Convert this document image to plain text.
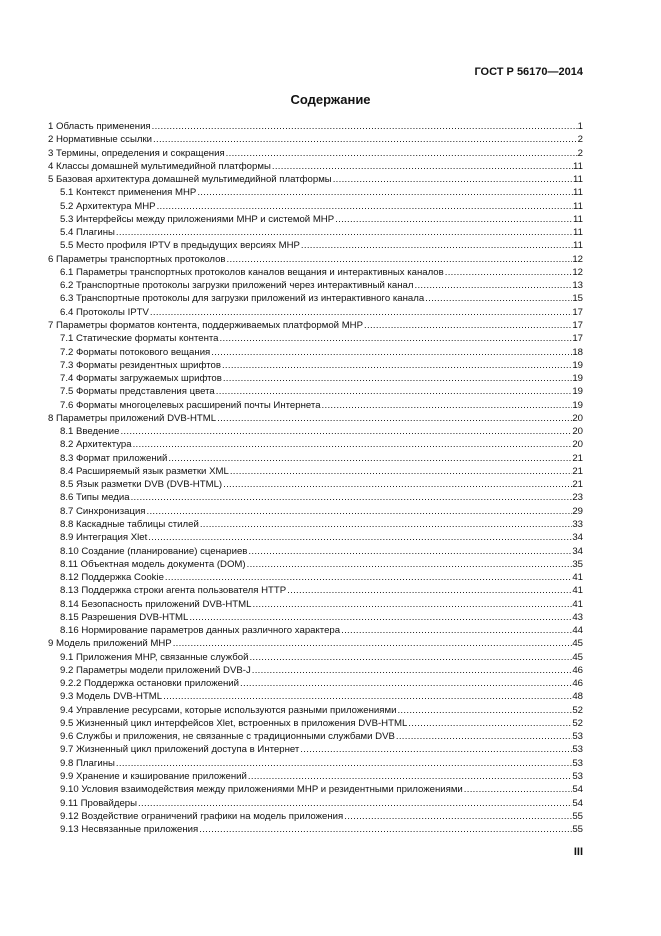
ГОСТ Р 56170—2014
Содержание
1 Область применения .....	1
2 Нормативные ссылки .....	2
3 Термины, определения и сокращения .....	2
4 Классы домашней мультимедийной платформы .....	11
5 Базовая архитектура домашней мультимедийной платформы .....	11
5.1 Контекст применения MHP .....	11
5.2 Архитектура MHP .....	11
5.3 Интерфейсы между приложениями MHP и системой MHP .....	11
5.4 Плагины .....	11
5.5 Место профиля IPTV в предыдущих версиях MHP .....	11
6 Параметры транспортных протоколов .....	12
6.1 Параметры транспортных протоколов каналов вещания и интерактивных каналов .....	12
6.2 Транспортные протоколы загрузки приложений через интерактивный канал .....	13
6.3 Транспортные протоколы для загрузки приложений из интерактивного канала .....	15
6.4 Протоколы IPTV .....	17
7 Параметры форматов контента, поддерживаемых платформой MHP .....	17
7.1 Статические форматы контента .....	17
7.2 Форматы потокового вещания .....	18
7.3 Форматы резидентных шрифтов .....	19
7.4 Форматы загружаемых шрифтов .....	19
7.5 Форматы представления цвета .....	19
7.6 Форматы многоцелевых расширений почты Интернета .....	19
8 Параметры приложений DVB-HTML .....	20
8.1 Введение .....	20
8.2 Архитектура .....	20
8.3 Формат приложений .....	21
8.4 Расширяемый язык разметки XML .....	21
8.5 Язык разметки DVB (DVB-HTML) .....	21
8.6 Типы медиа .....	23
8.7 Синхронизация .....	29
8.8 Каскадные таблицы стилей .....	33
8.9 Интеграция Xlet .....	34
8.10 Создание (планирование) сценариев .....	34
8.11 Объектная модель документа (DOM) .....	35
8.12 Поддержка Cookie .....	41
8.13 Поддержка строки агента пользователя HTTP .....	41
8.14 Безопасность приложений DVB-HTML .....	41
8.15 Разрешения DVB-HTML .....	43
8.16 Нормирование параметров данных различного характера .....	44
9 Модель приложений MHP .....	45
9.1 Приложения MHP, связанные службой .....	45
9.2 Параметры модели приложений DVB-J .....	46
9.2.2 Поддержка остановки приложений .....	46
9.3 Модель DVB-HTML .....	48
9.4 Управление ресурсами, которые используются разными приложениями .....	52
9.5 Жизненный цикл интерфейсов Xlet, встроенных в приложения DVB-HTML .....	52
9.6 Службы и приложения, не связанные с традиционными службами DVB .....	53
9.7 Жизненный цикл приложений доступа в Интернет .....	53
9.8 Плагины .....	53
9.9 Хранение и кэширование приложений .....	53
9.10 Условия взаимодействия между приложениями MHP и резидентными приложениями .....	54
9.11 Провайдеры .....	54
9.12 Воздействие ограничений графики на модель приложения .....	55
9.13 Несвязанные приложения .....	55
III
